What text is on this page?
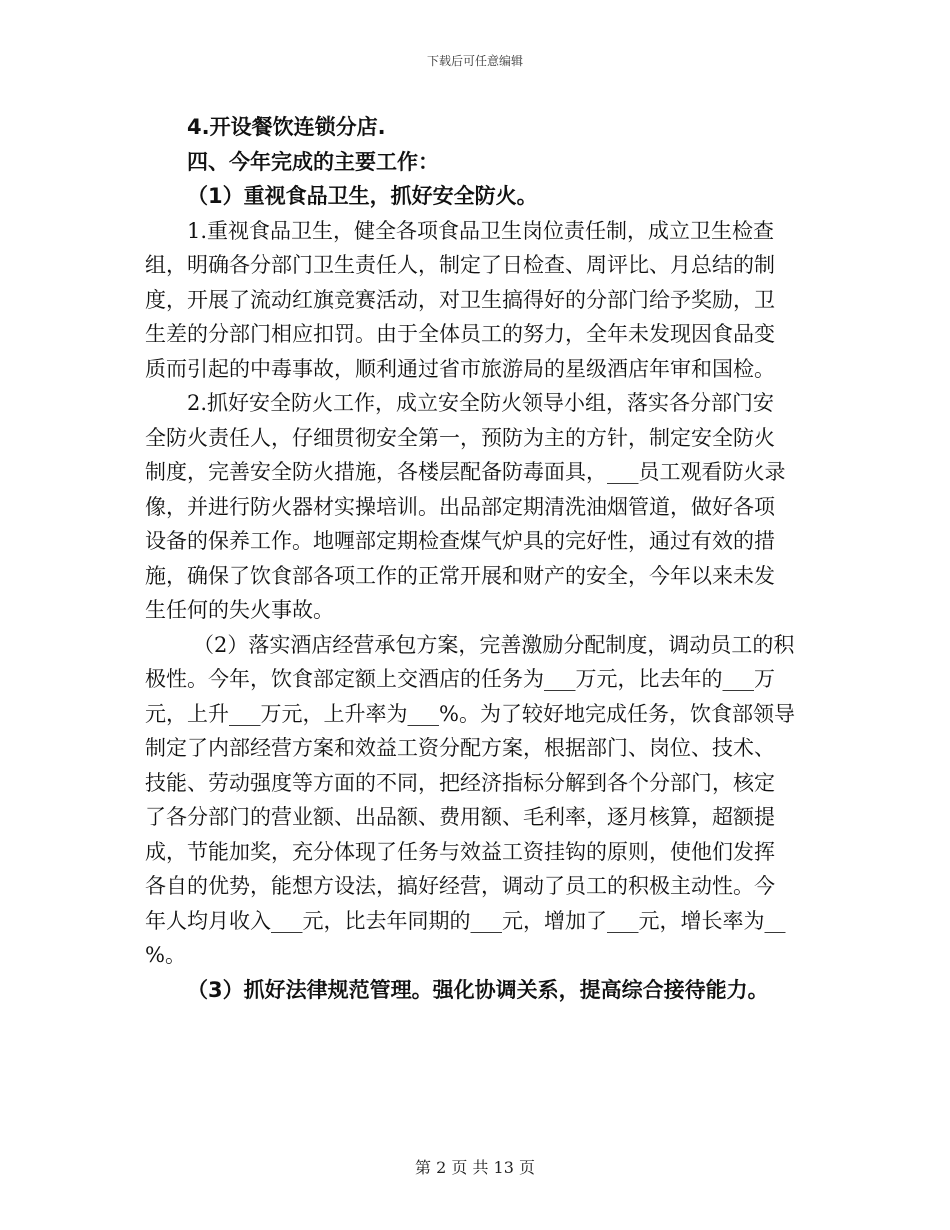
下载后可任意编辑

4.开设餐饮连锁分店.

四、今年完成的主要工作：

（1）重视食品卫生，抓好安全防火。

1.重视食品卫生，健全各项食品卫生岗位责任制，成立卫生检查

组，明确各分部门卫生责任人，制定了日检查、周评比、月总结的制

度，开展了流动红旗竞赛活动，对卫生搞得好的分部门给予奖励，卫

生差的分部门相应扣罚。由于全体员工的努力，全年未发现因食品变

质而引起的中毒事故，顺利通过省市旅游局的星级酒店年审和国检。

2.抓好安全防火工作，成立安全防火领导小组，落实各分部门安

全防火责任人，仔细贯彻安全第一，预防为主的方针，制定安全防火

制度，完善安全防火措施，各楼层配备防毒面具，___员工观看防火录

像，并进行防火器材实操培训。出品部定期清洗油烟管道，做好各项

设备的保养工作。地喱部定期检查煤气炉具的完好性，通过有效的措

施，确保了饮食部各项工作的正常开展和财产的安全，今年以来未发

生任何的失火事故。

（2）落实酒店经营承包方案，完善激励分配制度，调动员工的积

极性。今年，饮食部定额上交酒店的任务为___万元，比去年的___万

元，上升___万元，上升率为___%。为了较好地完成任务，饮食部领导

制定了内部经营方案和效益工资分配方案，根据部门、岗位、技术、

技能、劳动强度等方面的不同，把经济指标分解到各个分部门，核定

了各分部门的营业额、出品额、费用额、毛利率，逐月核算，超额提

成，节能加奖，充分体现了任务与效益工资挂钩的原则，使他们发挥

各自的优势，能想方设法，搞好经营，调动了员工的积极主动性。今

年人均月收入___元，比去年同期的___元，增加了___元，增长率为__

%。

（3）抓好法律规范管理。强化协调关系，提高综合接待能力。

第 2 页 共 13 页
